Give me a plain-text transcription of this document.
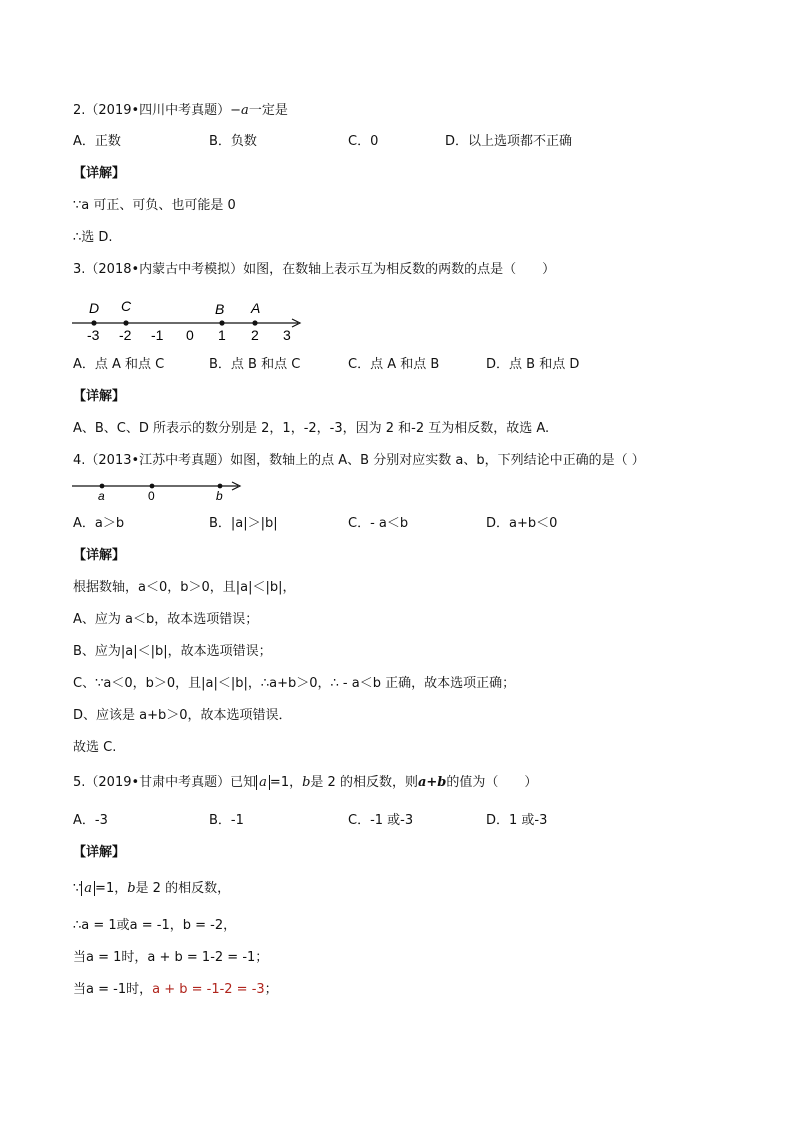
2.（2019•四川中考真题）−a一定是
A．正数	B．负数	C．0	D．以上选项都不正确
【详解】
∵a 可正、可负、也可能是 0
∴选 D.
3.（2018•内蒙古中考模拟）如图，在数轴上表示互为相反数的两数的点是（　　）
D C	B A
-3 -2 -1 0 1 2 3
A．点 A 和点 C	B．点 B 和点 C	C．点 A 和点 B	D．点 B 和点 D
【详解】
A、B、C、D 所表示的数分别是 2，1，-2，-3，因为 2 和-2 互为相反数，故选 A.
4.（2013•江苏中考真题）如图，数轴上的点 A、B 分别对应实数 a、b，下列结论中正确的是（ ）
a	0	b
A．a＞b	B．|a|＞|b|	C．- a＜b	D．a+b＜0
【详解】
根据数轴，a＜0，b＞0，且|a|＜|b|，
A、应为 a＜b，故本选项错误；
B、应为|a|＜|b|，故本选项错误；
C、∵a＜0，b＞0，且|a|＜|b|，∴a+b＞0，∴ - a＜b 正确，故本选项正确；
D、应该是 a+b＞0，故本选项错误．
故选 C.
5.（2019•甘肃中考真题）已知 a =1，b是 2 的相反数，则a+b的值为（　　）
A．-3	B．-1	C．-1 或-3	D．1 或-3
【详解】
∵ a =1，b是 2 的相反数，
∴a = 1或a = -1，b = -2，
当a = 1时，a + b = 1-2 = -1；
当a = -1时，a + b = -1-2 = -3；
